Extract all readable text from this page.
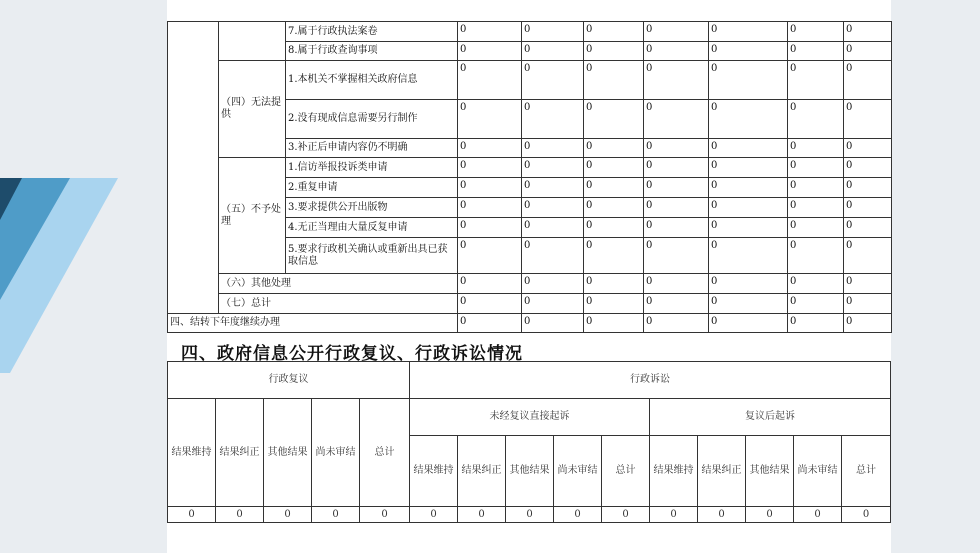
		7.属于行政执法案卷	0	0	0	0	0	0	0
		8.属于行政查询事项	0	0	0	0	0	0	0
	（四）无法提供	1.本机关不掌握相关政府信息	0	0	0	0	0	0	0
		2.没有现成信息需要另行制作	0	0	0	0	0	0	0
		3.补正后申请内容仍不明确	0	0	0	0	0	0	0
	（五）不予处理	1.信访举报投诉类申请	0	0	0	0	0	0	0
		2.重复申请	0	0	0	0	0	0	0
		3.要求提供公开出版物	0	0	0	0	0	0	0
		4.无正当理由大量反复申请	0	0	0	0	0	0	0
		5.要求行政机关确认或重新出具已获取信息	0	0	0	0	0	0	0
	（六）其他处理		0	0	0	0	0	0	0
	（七）总计		0	0	0	0	0	0	0
四、结转下年度继续办理			0	0	0	0	0	0	0
四、政府信息公开行政复议、行政诉讼情况
行政复议					行政诉讼									
结果维持	结果纠正	其他结果	尚未审结	总计	未经复议直接起诉					复议后起诉				
					结果维持	结果纠正	其他结果	尚未审结	总计	结果维持	结果纠正	其他结果	尚未审结	总计
0	0	0	0	0	0	0	0	0	0	0	0	0	0	0
